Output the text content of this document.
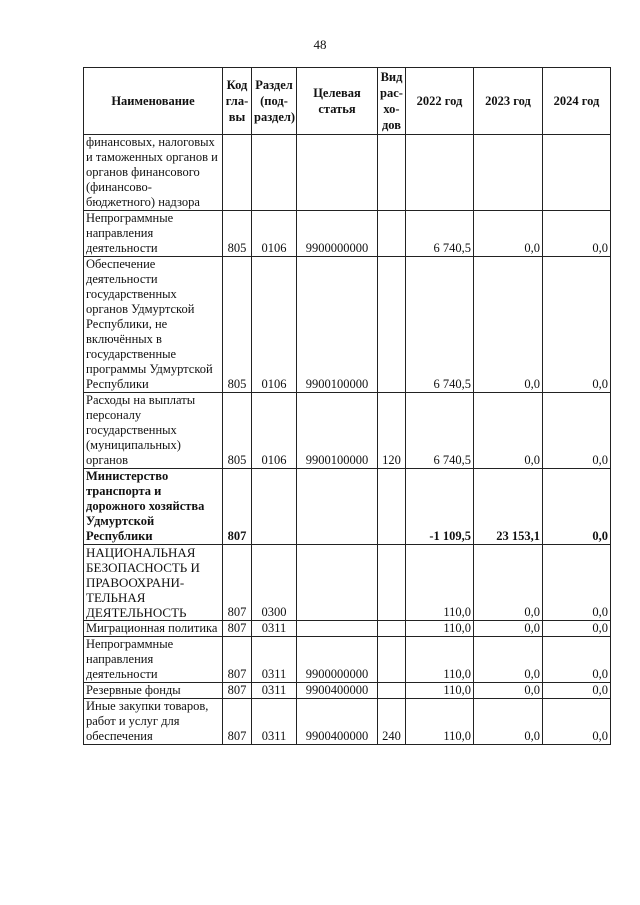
48
Наименование	Код гла-вы	Раздел (под-раздел)	Целевая статья	Вид рас-хо-дов	2022 год	2023 год	2024 год
финансовых, налоговых и таможенных органов и органов финансового (финансово-бюджетного) надзора							
Непрограммные направления деятельности	805	0106	9900000000		6 740,5	0,0	0,0
Обеспечение деятельности государственных органов Удмуртской Республики, не включённых в государственные программы Удмуртской Республики	805	0106	9900100000		6 740,5	0,0	0,0
Расходы на выплаты персоналу государственных (муниципальных) органов	805	0106	9900100000	120	6 740,5	0,0	0,0
Министерство транспорта и дорожного хозяйства Удмуртской Республики	807				-1 109,5	23 153,1	0,0
НАЦИОНАЛЬНАЯ БЕЗОПАСНОСТЬ И ПРАВООХРАНИ-ТЕЛЬНАЯ ДЕЯТЕЛЬНОСТЬ	807	0300			110,0	0,0	0,0
Миграционная политика	807	0311			110,0	0,0	0,0
Непрограммные направления деятельности	807	0311	9900000000		110,0	0,0	0,0
Резервные фонды	807	0311	9900400000		110,0	0,0	0,0
Иные закупки товаров, работ и услуг для обеспечения	807	0311	9900400000	240	110,0	0,0	0,0
